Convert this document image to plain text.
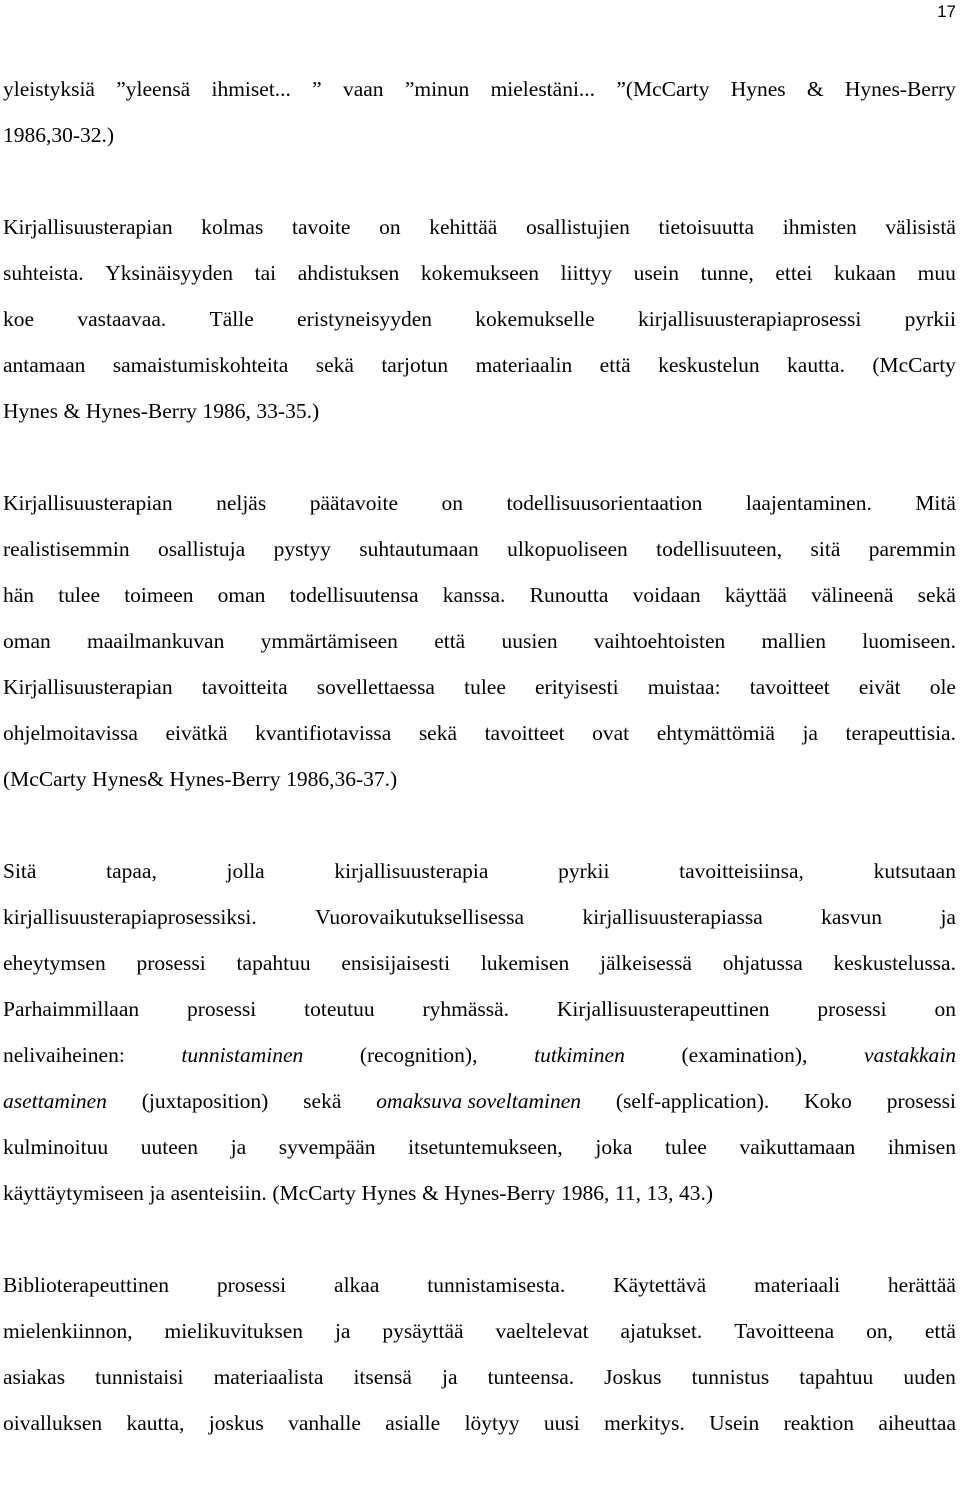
17
yleistyksiä ”yleensä ihmiset... ” vaan ”minun mielestäni... ”(McCarty Hynes & Hynes-Berry
1986,30-32.)
Kirjallisuusterapian kolmas tavoite on kehittää osallistujien tietoisuutta ihmisten välisistä
suhteista. Yksinäisyyden tai ahdistuksen kokemukseen liittyy usein tunne, ettei kukaan muu
koe vastaavaa. Tälle eristyneisyyden kokemukselle kirjallisuusterapiaprosessi pyrkii
antamaan samaistumiskohteita sekä tarjotun materiaalin että keskustelun kautta. (McCarty
Hynes & Hynes-Berry 1986, 33-35.)
Kirjallisuusterapian neljäs päätavoite on todellisuusorientaation laajentaminen. Mitä
realistisemmin osallistuja pystyy suhtautumaan ulkopuoliseen todellisuuteen, sitä paremmin
hän tulee toimeen oman todellisuutensa kanssa. Runoutta voidaan käyttää välineenä sekä
oman maailmankuvan ymmärtämiseen että uusien vaihtoehtoisten mallien luomiseen.
Kirjallisuusterapian tavoitteita sovellettaessa tulee erityisesti muistaa: tavoitteet eivät ole
ohjelmoitavissa eivätkä kvantifiotavissa sekä tavoitteet ovat ehtymättömiä ja terapeuttisia.
(McCarty Hynes& Hynes-Berry 1986,36-37.)
Sitä	tapaa,	jolla	kirjallisuusterapia	pyrkii	tavoitteisiinsa,	kutsutaan
kirjallisuusterapiaprosessiksi.	Vuorovaikutuksellisessa	kirjallisuusterapiassa	kasvun	ja
eheytymsen prosessi tapahtuu ensisijaisesti lukemisen jälkeisessä ohjatussa keskustelussa.
Parhaimmillaan prosessi toteutuu ryhmässä. Kirjallisuusterapeuttinen prosessi on
nelivaiheinen:	tunnistaminen	(recognition),	tutkiminen	(examination),	vastakkain
asettaminen (juxtaposition) sekä omaksuva soveltaminen (self-application). Koko prosessi
kulminoituu uuteen ja syvempään itsetuntemukseen, joka tulee vaikuttamaan ihmisen
käyttäytymiseen ja asenteisiin. (McCarty Hynes & Hynes-Berry 1986, 11, 13, 43.)
Biblioterapeuttinen prosessi alkaa tunnistamisesta. Käytettävä materiaali herättää
mielenkiinnon, mielikuvituksen ja pysäyttää vaeltelevat ajatukset. Tavoitteena on, että
asiakas tunnistaisi materiaalista itsensä ja tunteensa. Joskus tunnistus tapahtuu uuden
oivalluksen kautta, joskus vanhalle asialle löytyy uusi merkitys. Usein reaktion aiheuttaa
